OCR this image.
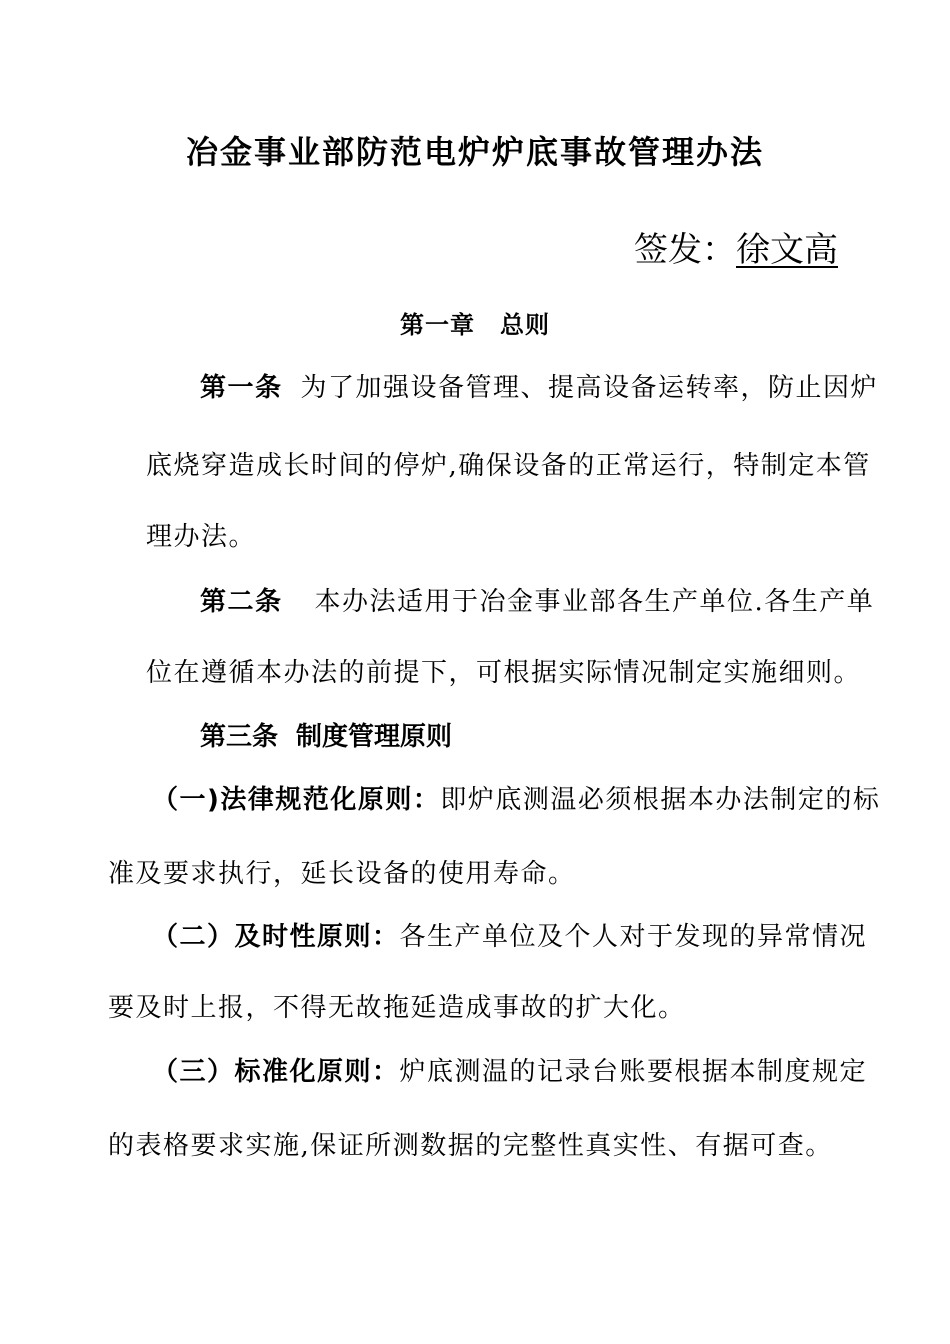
冶金事业部防范电炉炉底事故管理办法
签发：徐文高
第一章　总则
第一条 为了加强设备管理、提高设备运转率，防止因炉
底烧穿造成长时间的停炉,确保设备的正常运行，特制定本管
理办法。
第二条 本办法适用于冶金事业部各生产单位.各生产单
位在遵循本办法的前提下，可根据实际情况制定实施细则。
第三条 制度管理原则
（一)法律规范化原则：即炉底测温必须根据本办法制定的标
准及要求执行，延长设备的使用寿命。
（二）及时性原则：各生产单位及个人对于发现的异常情况
要及时上报，不得无故拖延造成事故的扩大化。
（三）标准化原则：炉底测温的记录台账要根据本制度规定
的表格要求实施,保证所测数据的完整性真实性、有据可查。
